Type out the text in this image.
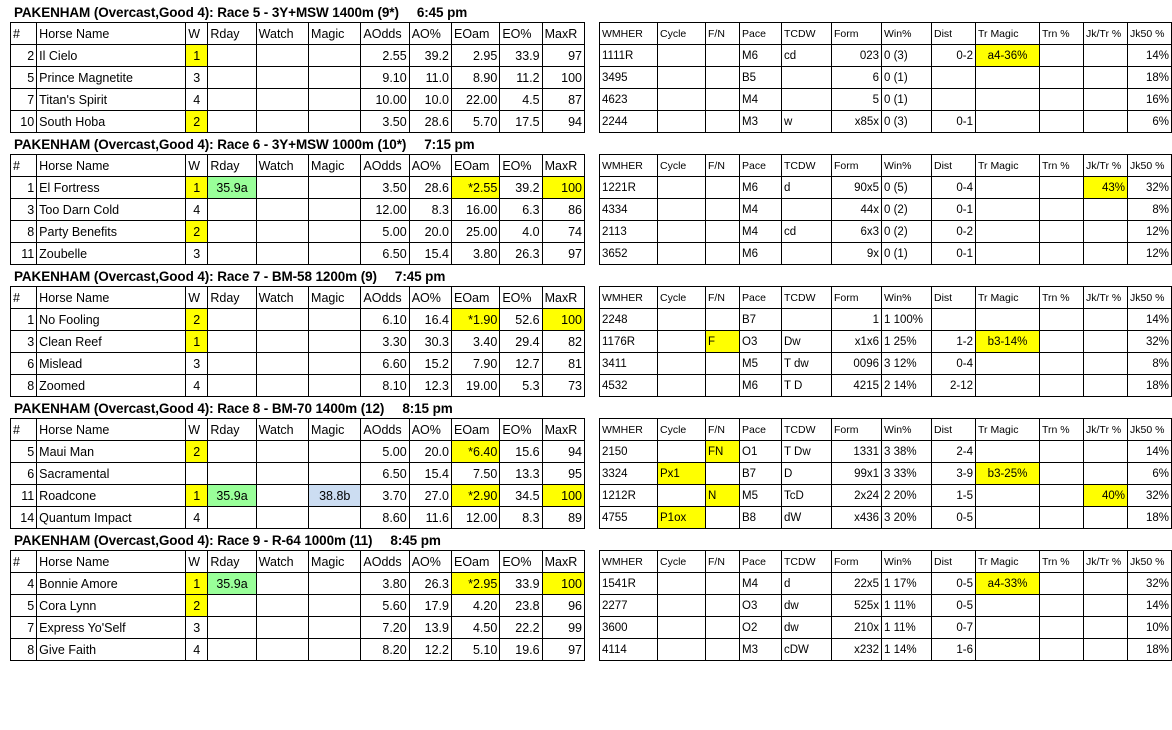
PAKENHAM (Overcast,Good 4): Race 5 - 3Y+MSW 1400m (9*) 6:45 pm
#	Horse Name	W	Rday	Watch	Magic	AOdds	AO%	EOam	EO%	MaxR
2	Il Cielo	1				2.55	39.2	2.95	33.9	97
5	Prince Magnetite	3				9.10	11.0	8.90	11.2	100
7	Titan's Spirit	4				10.00	10.0	22.00	4.5	87
10	South Hoba	2				3.50	28.6	5.70	17.5	94
WMHER	Cycle	F/N	Pace	TCDW	Form	Win%	Dist	Tr Magic	Trn %	Jk/Tr %	Jk50 %
1111R			M6	cd	023	0 (3)	0-2	a4-36%			14%
3495			B5		6	0 (1)					18%
4623			M4		5	0 (1)					16%
2244			M3	w	x85x	0 (3)	0-1				6%
PAKENHAM (Overcast,Good 4): Race 6 - 3Y+MSW 1000m (10*) 7:15 pm
#	Horse Name	W	Rday	Watch	Magic	AOdds	AO%	EOam	EO%	MaxR
1	El Fortress	1	35.9a			3.50	28.6	*2.55	39.2	100
3	Too Darn Cold	4				12.00	8.3	16.00	6.3	86
8	Party Benefits	2				5.00	20.0	25.00	4.0	74
11	Zoubelle	3				6.50	15.4	3.80	26.3	97
WMHER	Cycle	F/N	Pace	TCDW	Form	Win%	Dist	Tr Magic	Trn %	Jk/Tr %	Jk50 %
1221R			M6	d	90x5	0 (5)	0-4			43%	32%
4334			M4		44x	0 (2)	0-1				8%
2113			M4	cd	6x3	0 (2)	0-2				12%
3652			M6		9x	0 (1)	0-1				12%
PAKENHAM (Overcast,Good 4): Race 7 - BM-58 1200m (9) 7:45 pm
#	Horse Name	W	Rday	Watch	Magic	AOdds	AO%	EOam	EO%	MaxR
1	No Fooling	2				6.10	16.4	*1.90	52.6	100
3	Clean Reef	1				3.30	30.3	3.40	29.4	82
6	Mislead	3				6.60	15.2	7.90	12.7	81
8	Zoomed	4				8.10	12.3	19.00	5.3	73
WMHER	Cycle	F/N	Pace	TCDW	Form	Win%	Dist	Tr Magic	Trn %	Jk/Tr %	Jk50 %
2248			B7		1	1 100%					14%
1176R		F	O3	Dw	x1x6	1 25%	1-2	b3-14%			32%
3411			M5	T dw	0096	3 12%	0-4				8%
4532			M6	T D	4215	2 14%	2-12				18%
PAKENHAM (Overcast,Good 4): Race 8 - BM-70 1400m (12) 8:15 pm
#	Horse Name	W	Rday	Watch	Magic	AOdds	AO%	EOam	EO%	MaxR
5	Maui Man	2				5.00	20.0	*6.40	15.6	94
6	Sacramental					6.50	15.4	7.50	13.3	95
11	Roadcone	1	35.9a		38.8b	3.70	27.0	*2.90	34.5	100
14	Quantum Impact	4				8.60	11.6	12.00	8.3	89
WMHER	Cycle	F/N	Pace	TCDW	Form	Win%	Dist	Tr Magic	Trn %	Jk/Tr %	Jk50 %
2150		FN	O1	T Dw	1331	3 38%	2-4				14%
3324	Px1		B7	D	99x1	3 33%	3-9	b3-25%			6%
1212R		N	M5	TcD	2x24	2 20%	1-5			40%	32%
4755	P1ox		B8	dW	x436	3 20%	0-5				18%
PAKENHAM (Overcast,Good 4): Race 9 - R-64 1000m (11) 8:45 pm
#	Horse Name	W	Rday	Watch	Magic	AOdds	AO%	EOam	EO%	MaxR
4	Bonnie Amore	1	35.9a			3.80	26.3	*2.95	33.9	100
5	Cora Lynn	2				5.60	17.9	4.20	23.8	96
7	Express Yo'Self	3				7.20	13.9	4.50	22.2	99
8	Give Faith	4				8.20	12.2	5.10	19.6	97
WMHER	Cycle	F/N	Pace	TCDW	Form	Win%	Dist	Tr Magic	Trn %	Jk/Tr %	Jk50 %
1541R			M4	d	22x5	1 17%	0-5	a4-33%			32%
2277			O3	dw	525x	1 11%	0-5				14%
3600			O2	dw	210x	1 11%	0-7				10%
4114			M3	cDW	x232	1 14%	1-6				18%
